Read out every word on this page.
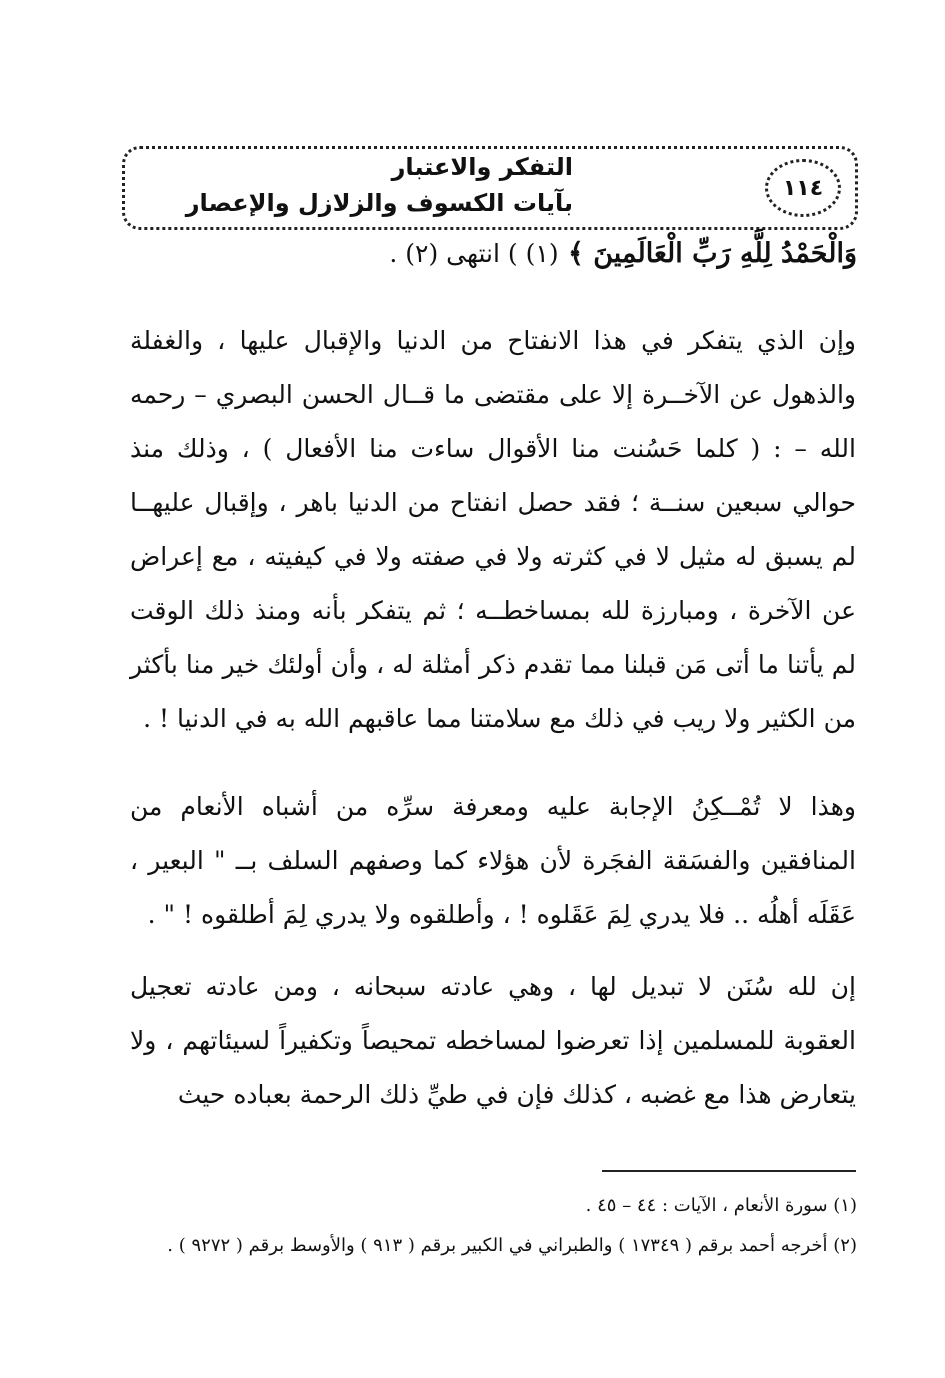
التفكر والاعتبار
بآيات الكسوف والزلازل والإعصار
١١٤
وَالْحَمْدُ لِلَّهِ رَبِّ الْعَالَمِينَ ﴾ (١) ) انتهى (٢) .

وإن الذي يتفكر في هذا الانفتاح من الدنيا والإقبال عليها ، والغفلة والذهول عن الآخــرة إلا على مقتضى ما قــال الحسن البصري – رحمه الله – : ( كلما حَسُنت منا الأقوال ساءت منا الأفعال ) ، وذلك منذ حوالي سبعين سنــة ؛ فقد حصل انفتاح من الدنيا باهر ، وإقبال عليهــا لم يسبق له مثيل لا في كثرته ولا في صفته ولا في كيفيته ، مع إعراض عن الآخرة ، ومبارزة لله بمساخطــه ؛ ثم يتفكر بأنه ومنذ ذلك الوقت لم يأتنا ما أتى مَن قبلنا مما تقدم ذكر أمثلة له ، وأن أولئك خير منا بأكثر من الكثير ولا ريب في ذلك مع سلامتنا مما عاقبهم الله به في الدنيا ! .

وهذا لا تُمْــكِنُ الإجابة عليه ومعرفة سرِّه من أشباه الأنعام من المنافقين والفسَقة الفجَرة لأن هؤلاء كما وصفهم السلف بــ " البعير ، عَقَلَه أهلُه .. فلا يدري لِمَ عَقَلوه ! ، وأطلقوه ولا يدري لِمَ أطلقوه ! " .

إن لله سُنَن لا تبديل لها ، وهي عادته سبحانه ، ومن عادته تعجيل العقوبة للمسلمين إذا تعرضوا لمساخطه تمحيصاً وتكفيراً لسيئاتهم ، ولا يتعارض هذا مع غضبه ، كذلك فإن في طيِّ ذلك الرحمة بعباده حيث

(١) سورة الأنعام ، الآيات : ٤٤ – ٤٥ .
(٢) أخرجه أحمد برقم ( ١٧٣٤٩ ) والطبراني في الكبير برقم ( ٩١٣ ) والأوسط برقم ( ٩٢٧٢ ) .
